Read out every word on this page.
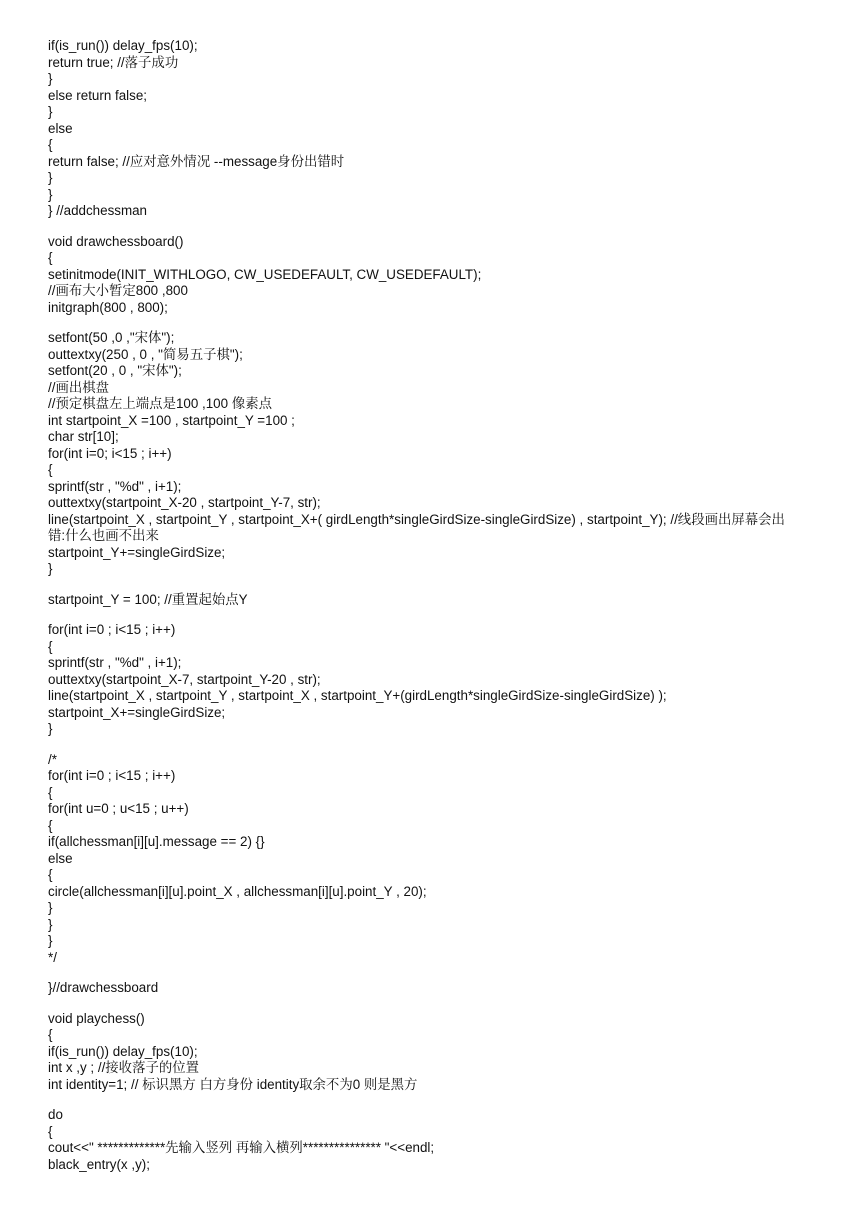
if(is_run()) delay_fps(10);
return true; //落子成功
}
else return false;
}
else
{
return false; //应对意外情况 --message身份出错时
}
}
} //addchessman
void drawchessboard()
{
setinitmode(INIT_WITHLOGO, CW_USEDEFAULT, CW_USEDEFAULT);
//画布大小暂定800 ,800
initgraph(800 , 800);
setfont(50 ,0 ,"宋体");
outtextxy(250 , 0 , "简易五子棋");
setfont(20 , 0 , "宋体");
//画出棋盘
//预定棋盘左上端点是100 ,100 像素点
int startpoint_X =100 , startpoint_Y =100 ;
char str[10];
for(int i=0; i<15 ; i++)
{
sprintf(str , "%d" , i+1);
outtextxy(startpoint_X-20 , startpoint_Y-7, str);
line(startpoint_X , startpoint_Y , startpoint_X+( girdLength*singleGirdSize-singleGirdSize) , startpoint_Y); //线段画出屏幕会出
错:什么也画不出来
startpoint_Y+=singleGirdSize;
}
startpoint_Y = 100; //重置起始点Y
for(int i=0 ; i<15 ; i++)
{
sprintf(str , "%d" , i+1);
outtextxy(startpoint_X-7, startpoint_Y-20 , str);
line(startpoint_X , startpoint_Y , startpoint_X , startpoint_Y+(girdLength*singleGirdSize-singleGirdSize) );
startpoint_X+=singleGirdSize;
}
/*
for(int i=0 ; i<15 ; i++)
{
for(int u=0 ; u<15 ; u++)
{
if(allchessman[i][u].message == 2) {}
else
{
circle(allchessman[i][u].point_X , allchessman[i][u].point_Y , 20);
}
}
}
*/
}//drawchessboard
void playchess()
{
if(is_run()) delay_fps(10);
int x ,y ; //接收落子的位置
int identity=1; // 标识黑方 白方身份 identity取余不为0 则是黑方
do
{
cout<<" *************先输入竖列 再输入横列*************** "<<endl;
black_entry(x ,y);
